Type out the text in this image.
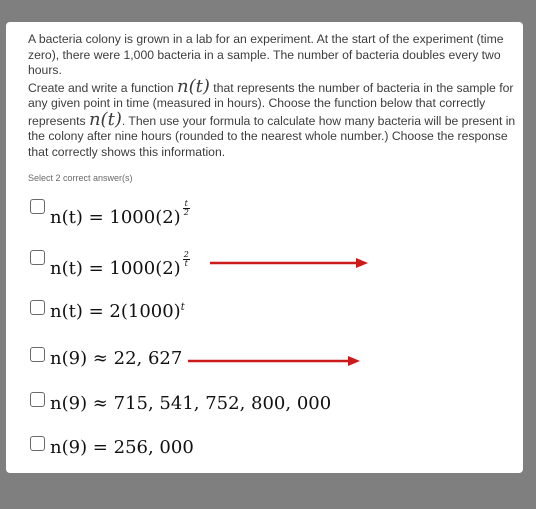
A bacteria colony is grown in a lab for an experiment. At the start of the experiment (time zero), there were 1,000 bacteria in a sample. The number of bacteria doubles every two hours.

Create and write a function n(t) that represents the number of bacteria in the sample for any given point in time (measured in hours). Choose the function below that correctly represents n(t). Then use your formula to calculate how many bacteria will be present in the colony after nine hours (rounded to the nearest whole number.) Choose the response that correctly shows this information.

Select 2 correct answer(s)
$n(t) = 1000(2) \frac{t}{2}$
$n(t) = 1000(2) \frac{2}{t}$
$n(t) = 2(1000)^t$
n(9) ≈ 22, 627
n(9) ≈ 715, 541, 752, 800, 000
n(9) = 256, 000
